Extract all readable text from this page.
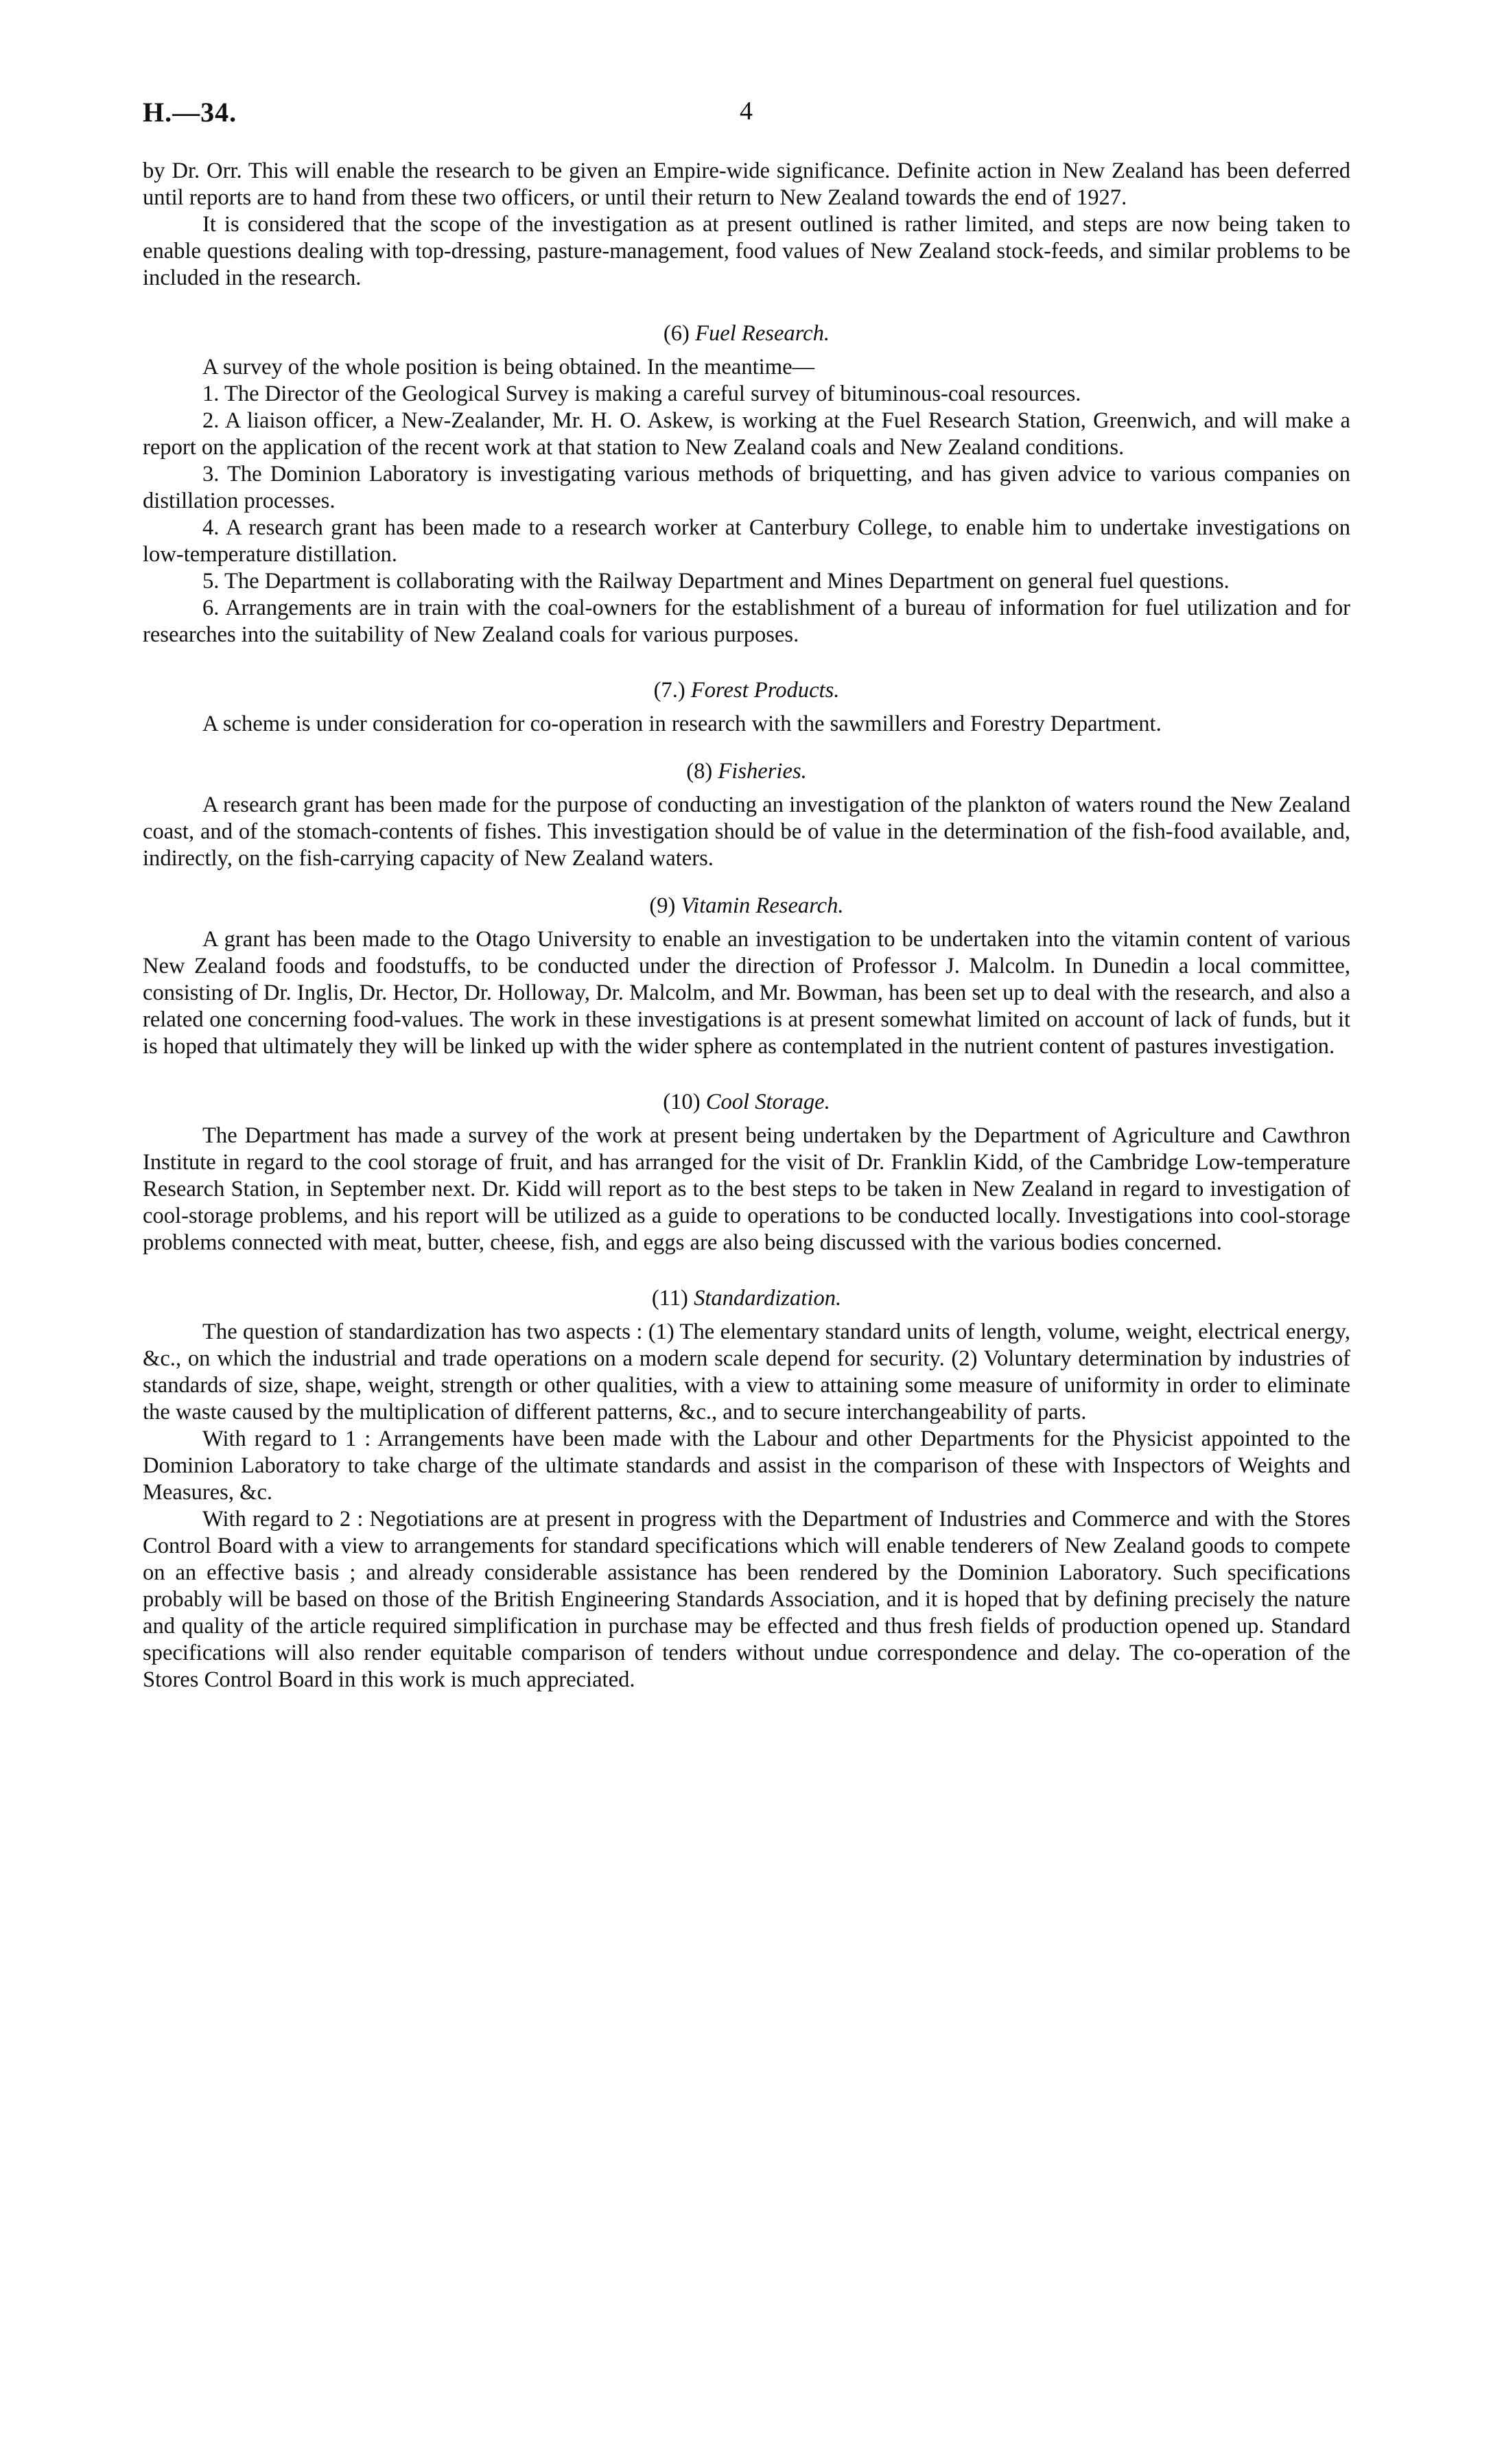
H.—34.	4

by Dr. Orr. This will enable the research to be given an Empire-wide significance. Definite action in New Zealand has been deferred until reports are to hand from these two officers, or until their return to New Zealand towards the end of 1927.

It is considered that the scope of the investigation as at present outlined is rather limited, and steps are now being taken to enable questions dealing with top-dressing, pasture-management, food values of New Zealand stock-feeds, and similar problems to be included in the research.

(6) Fuel Research.

A survey of the whole position is being obtained. In the meantime—

1. The Director of the Geological Survey is making a careful survey of bituminous-coal resources.

2. A liaison officer, a New-Zealander, Mr. H. O. Askew, is working at the Fuel Research Station, Greenwich, and will make a report on the application of the recent work at that station to New Zealand coals and New Zealand conditions.

3. The Dominion Laboratory is investigating various methods of briquetting, and has given advice to various companies on distillation processes.

4. A research grant has been made to a research worker at Canterbury College, to enable him to undertake investigations on low-temperature distillation.

5. The Department is collaborating with the Railway Department and Mines Department on general fuel questions.

6. Arrangements are in train with the coal-owners for the establishment of a bureau of information for fuel utilization and for researches into the suitability of New Zealand coals for various purposes.

(7.) Forest Products.

A scheme is under consideration for co-operation in research with the sawmillers and Forestry Department.

(8) Fisheries.

A research grant has been made for the purpose of conducting an investigation of the plankton of waters round the New Zealand coast, and of the stomach-contents of fishes. This investigation should be of value in the determination of the fish-food available, and, indirectly, on the fish-carrying capacity of New Zealand waters.

(9) Vitamin Research.

A grant has been made to the Otago University to enable an investigation to be undertaken into the vitamin content of various New Zealand foods and foodstuffs, to be conducted under the direction of Professor J. Malcolm. In Dunedin a local committee, consisting of Dr. Inglis, Dr. Hector, Dr. Holloway, Dr. Malcolm, and Mr. Bowman, has been set up to deal with the research, and also a related one concerning food-values. The work in these investigations is at present somewhat limited on account of lack of funds, but it is hoped that ultimately they will be linked up with the wider sphere as contemplated in the nutrient content of pastures investigation.

(10) Cool Storage.

The Department has made a survey of the work at present being undertaken by the Department of Agriculture and Cawthron Institute in regard to the cool storage of fruit, and has arranged for the visit of Dr. Franklin Kidd, of the Cambridge Low-temperature Research Station, in September next. Dr. Kidd will report as to the best steps to be taken in New Zealand in regard to investigation of cool-storage problems, and his report will be utilized as a guide to operations to be conducted locally. Investigations into cool-storage problems connected with meat, butter, cheese, fish, and eggs are also being discussed with the various bodies concerned.

(11) Standardization.

The question of standardization has two aspects : (1) The elementary standard units of length, volume, weight, electrical energy, &c., on which the industrial and trade operations on a modern scale depend for security. (2) Voluntary determination by industries of standards of size, shape, weight, strength or other qualities, with a view to attaining some measure of uniformity in order to eliminate the waste caused by the multiplication of different patterns, &c., and to secure interchangeability of parts.

With regard to 1 : Arrangements have been made with the Labour and other Departments for the Physicist appointed to the Dominion Laboratory to take charge of the ultimate standards and assist in the comparison of these with Inspectors of Weights and Measures, &c.

With regard to 2 : Negotiations are at present in progress with the Department of Industries and Commerce and with the Stores Control Board with a view to arrangements for standard specifications which will enable tenderers of New Zealand goods to compete on an effective basis ; and already considerable assistance has been rendered by the Dominion Laboratory. Such specifications probably will be based on those of the British Engineering Standards Association, and it is hoped that by defining precisely the nature and quality of the article required simplification in purchase may be effected and thus fresh fields of production opened up. Standard specifications will also render equitable comparison of tenders without undue correspondence and delay. The co-operation of the Stores Control Board in this work is much appreciated.
